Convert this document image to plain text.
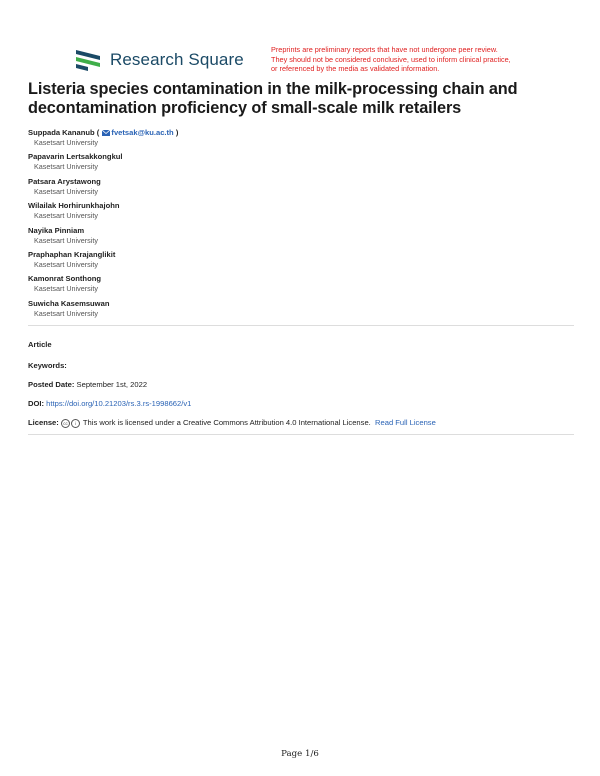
Research Square
Preprints are preliminary reports that have not undergone peer review.
They should not be considered conclusive, used to inform clinical practice,
or referenced by the media as validated information.
Listeria species contamination in the milk-processing chain and decontamination proficiency of small-scale milk retailers
Suppada Kananub ( fvetsak@ku.ac.th )
Kasetsart University
Papavarin Lertsakkongkul
Kasetsart University
Patsara Arystawong
Kasetsart University
Wilailak Horhirunkhajohn
Kasetsart University
Nayika Pinniam
Kasetsart University
Praphaphan Krajanglikit
Kasetsart University
Kamonrat Sonthong
Kasetsart University
Suwicha Kasemsuwan
Kasetsart University
Article
Keywords:
Posted Date: September 1st, 2022
DOI: https://doi.org/10.21203/rs.3.rs-1998662/v1
License: cc i This work is licensed under a Creative Commons Attribution 4.0 International License. Read Full License
Page 1/6
